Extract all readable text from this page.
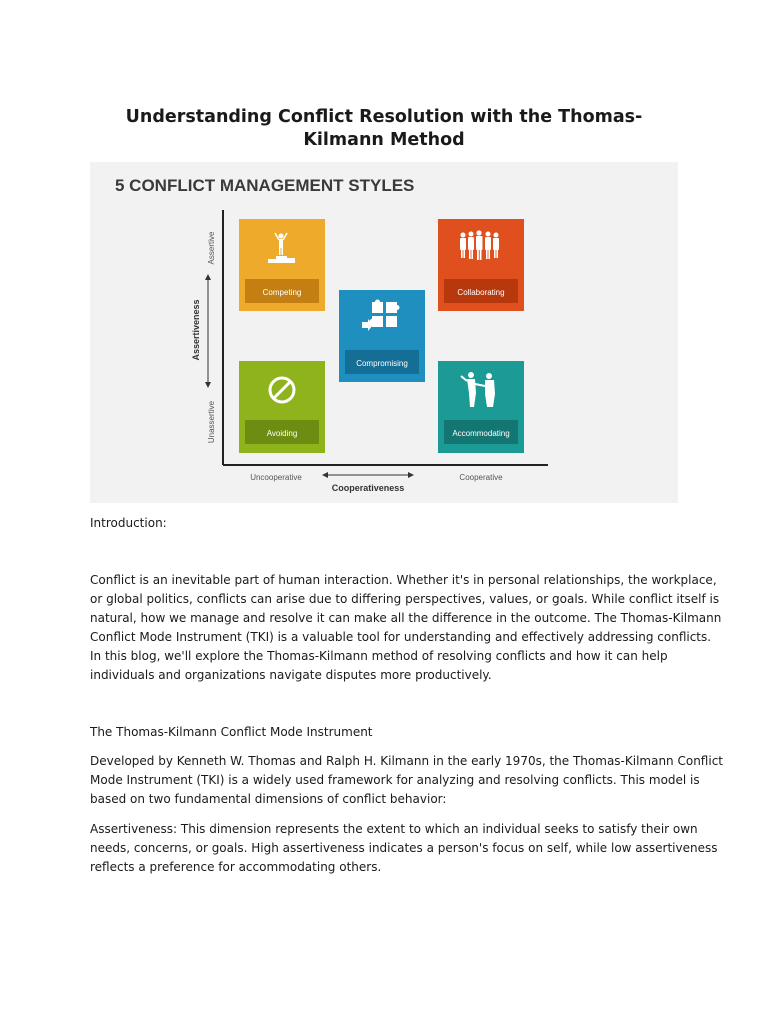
Understanding Conflict Resolution with the Thomas-
Kilmann Method
5 CONFLICT MANAGEMENT STYLES
Assertive
Assertiveness
Unassertive
Uncooperative
Cooperativeness
Cooperative
Competing	Collaborating
Compromising
Avoiding	Accommodating
Introduction:
Conflict is an inevitable part of human interaction. Whether it's in personal relationships, the workplace,
or global politics, conflicts can arise due to differing perspectives, values, or goals. While conflict itself is
natural, how we manage and resolve it can make all the difference in the outcome. The Thomas-Kilmann
Conflict Mode Instrument (TKI) is a valuable tool for understanding and effectively addressing conflicts.
In this blog, we'll explore the Thomas-Kilmann method of resolving conflicts and how it can help
individuals and organizations navigate disputes more productively.
The Thomas-Kilmann Conflict Mode Instrument
Developed by Kenneth W. Thomas and Ralph H. Kilmann in the early 1970s, the Thomas-Kilmann Conflict
Mode Instrument (TKI) is a widely used framework for analyzing and resolving conflicts. This model is
based on two fundamental dimensions of conflict behavior:
Assertiveness: This dimension represents the extent to which an individual seeks to satisfy their own
needs, concerns, or goals. High assertiveness indicates a person's focus on self, while low assertiveness
reflects a preference for accommodating others.
